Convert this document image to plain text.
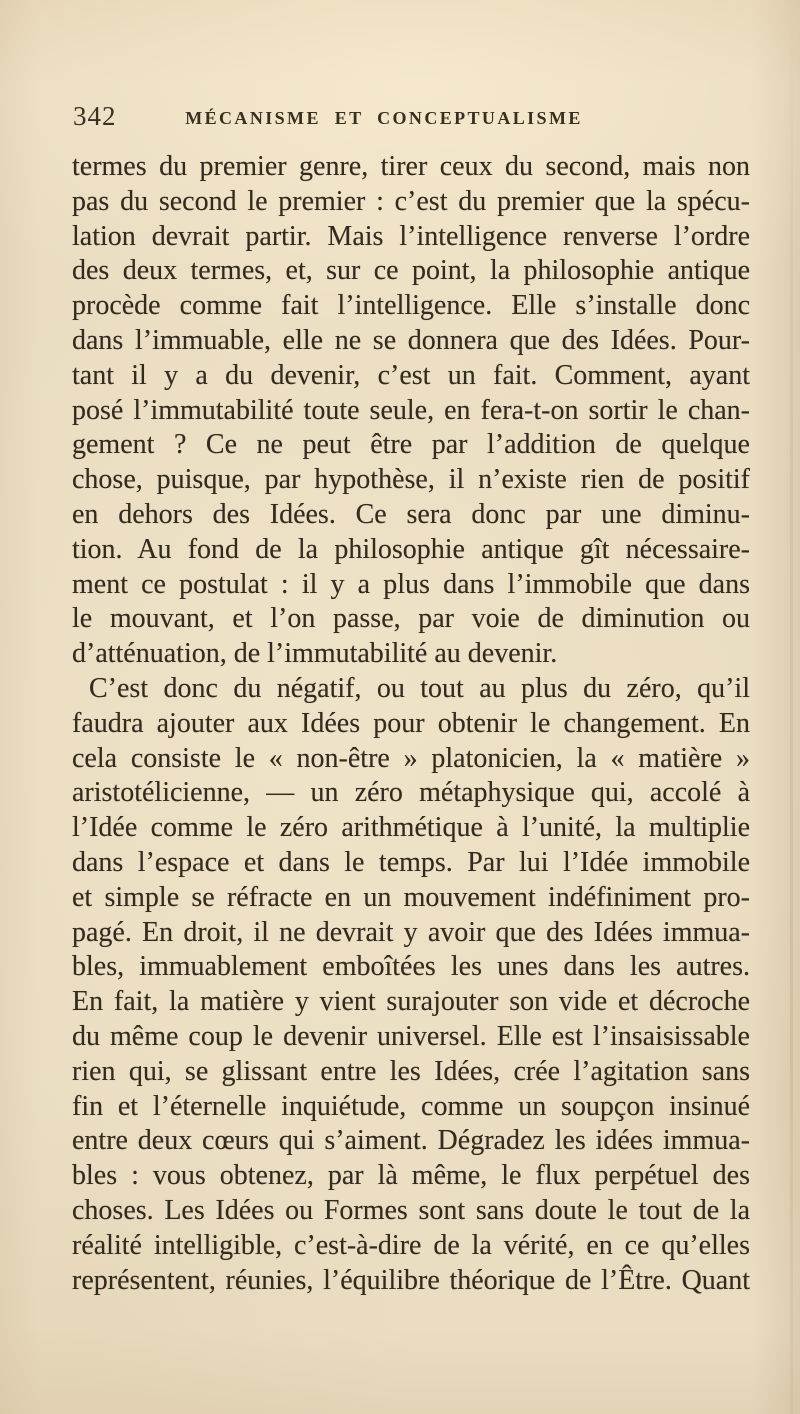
342	MÉCANISME ET CONCEPTUALISME
termes du premier genre, tirer ceux du second, mais non
pas du second le premier : c’est du premier que la spécu-
lation devrait partir. Mais l’intelligence renverse l’ordre
des deux termes, et, sur ce point, la philosophie antique
procède comme fait l’intelligence. Elle s’installe donc
dans l’immuable, elle ne se donnera que des Idées. Pour-
tant il y a du devenir, c’est un fait. Comment, ayant
posé l’immutabilité toute seule, en fera-t-on sortir le chan-
gement ? Ce ne peut être par l’addition de quelque
chose, puisque, par hypothèse, il n’existe rien de positif
en dehors des Idées. Ce sera donc par une diminu-
tion. Au fond de la philosophie antique gît nécessaire-
ment ce postulat : il y a plus dans l’immobile que dans
le mouvant, et l’on passe, par voie de diminution ou
d’atténuation, de l’immutabilité au devenir.
C’est donc du négatif, ou tout au plus du zéro, qu’il
faudra ajouter aux Idées pour obtenir le changement. En
cela consiste le « non-être » platonicien, la « matière »
aristotélicienne, — un zéro métaphysique qui, accolé à
l’Idée comme le zéro arithmétique à l’unité, la multiplie
dans l’espace et dans le temps. Par lui l’Idée immobile
et simple se réfracte en un mouvement indéfiniment pro-
pagé. En droit, il ne devrait y avoir que des Idées immua-
bles, immuablement emboîtées les unes dans les autres.
En fait, la matière y vient surajouter son vide et décroche
du même coup le devenir universel. Elle est l’insaisissable
rien qui, se glissant entre les Idées, crée l’agitation sans
fin et l’éternelle inquiétude, comme un soupçon insinué
entre deux cœurs qui s’aiment. Dégradez les idées immua-
bles : vous obtenez, par là même, le flux perpétuel des
choses. Les Idées ou Formes sont sans doute le tout de la
réalité intelligible, c’est-à-dire de la vérité, en ce qu’elles
représentent, réunies, l’équilibre théorique de l’Être. Quant
